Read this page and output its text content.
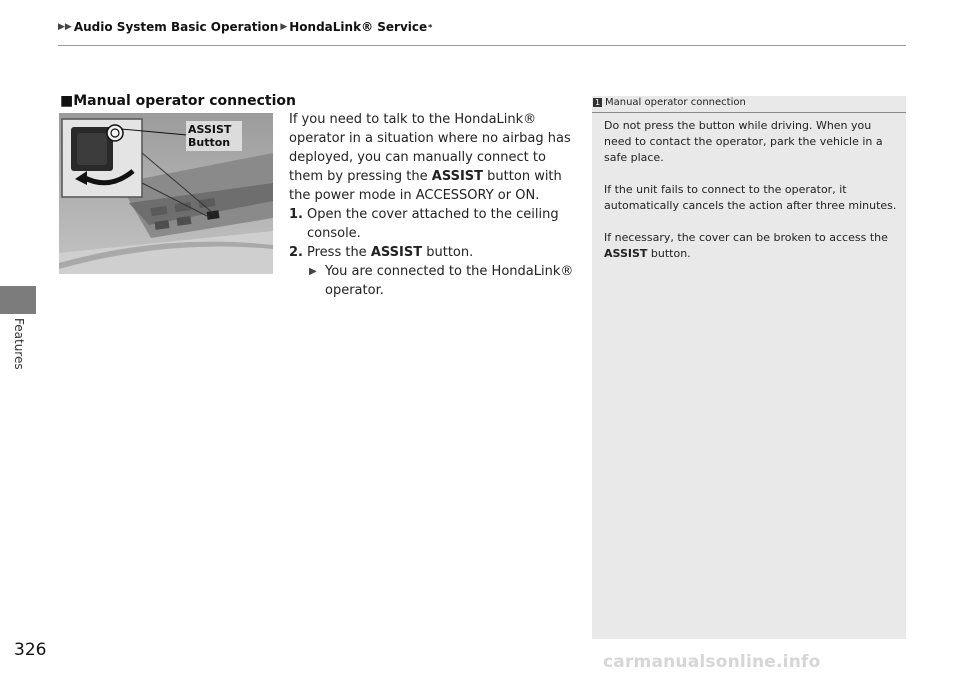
▶▶ Audio System Basic Operation ▶ HondaLink® Service *
Features
326
■Manual operator connection
ASSIST
Button

If you need to talk to the HondaLink® operator in a situation where no airbag has deployed, you can manually connect to them by pressing the ASSIST button with the power mode in ACCESSORY or ON.

1. Open the cover attached to the ceiling console.

2. Press the ASSIST button.

▶ You are connected to the HondaLink® operator.

1 Manual operator connection

Do not press the button while driving. When you need to contact the operator, park the vehicle in a safe place.

If the unit fails to connect to the operator, it automatically cancels the action after three minutes.

If necessary, the cover can be broken to access the ASSIST button.

carmanualsonline.info
